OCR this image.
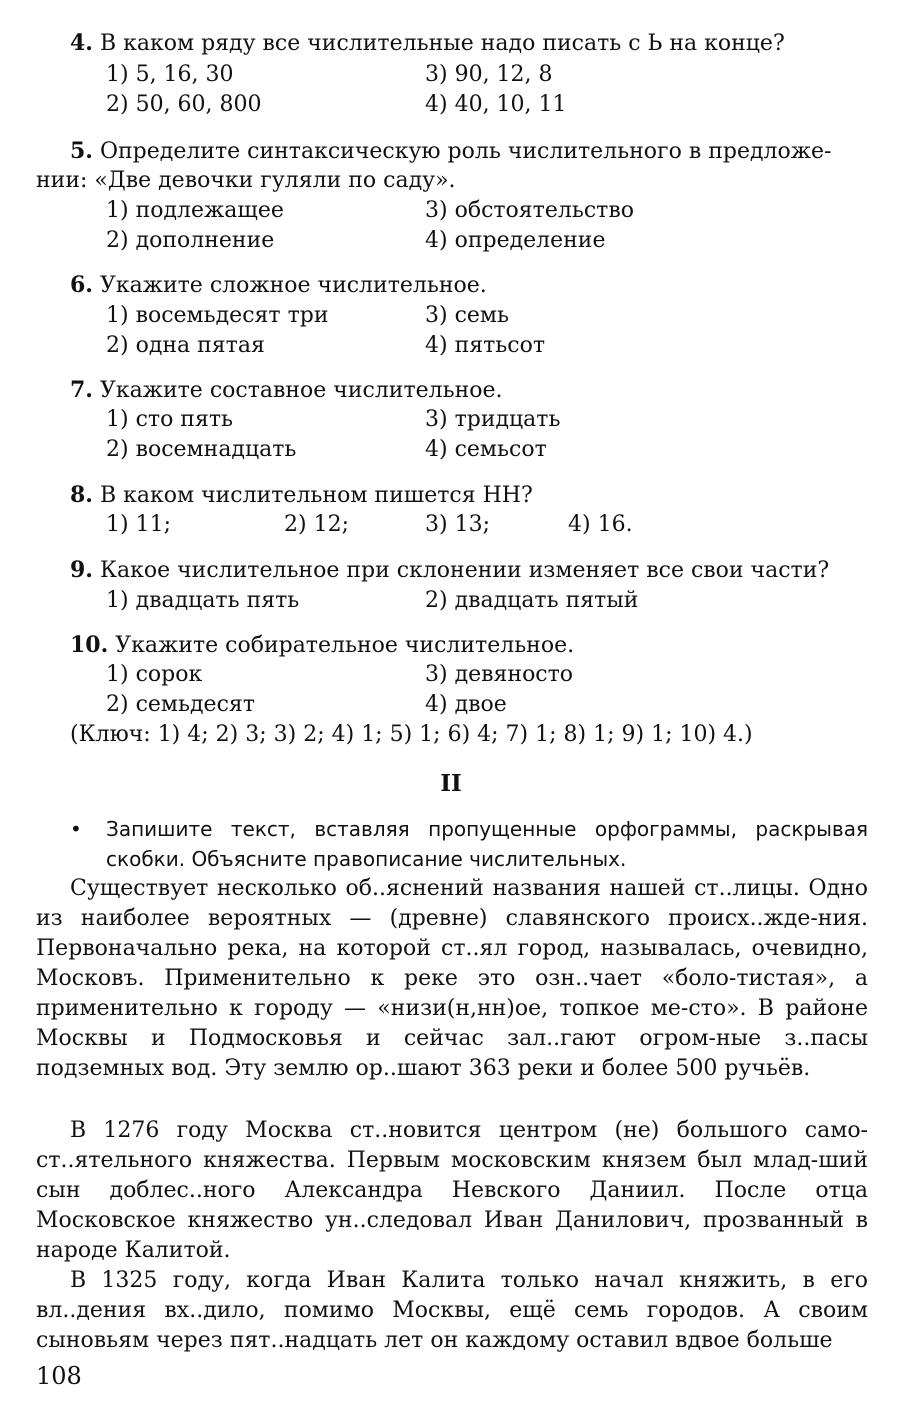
4. В каком ряду все числительные надо писать с Ь на конце?
1) 5, 16, 30	3) 90, 12, 8
2) 50, 60, 800	4) 40, 10, 11
5. Определите синтаксическую роль числительного в предложе-
нии: «Две девочки гуляли по саду».
1) подлежащее	3) обстоятельство
2) дополнение	4) определение
6. Укажите сложное числительное.
1) восемьдесят три	3) семь
2) одна пятая	4) пятьсот
7. Укажите составное числительное.
1) сто пять	3) тридцать
2) восемнадцать	4) семьсот
8. В каком числительном пишется НН?
1) 11;	2) 12;	3) 13;	4) 16.
9. Какое числительное при склонении изменяет все свои части?
1) двадцать пять	2) двадцать пятый
10. Укажите собирательное числительное.
1) сорок	3) девяносто
2) семьдесят	4) двое
(Ключ: 1) 4; 2) 3; 3) 2; 4) 1; 5) 1; 6) 4; 7) 1; 8) 1; 9) 1; 10) 4.)
II
• Запишите текст, вставляя пропущенные орфограммы, раскрывая скобки. Объясните правописание числительных.
Существует несколько об..яснений названия нашей ст..лицы. Одно из наиболее вероятных — (древне) славянского происх..жде-ния. Первоначально река, на которой ст..ял город, называлась, очевидно, Московъ. Применительно к реке это озн..чает «боло-тистая», а применительно к городу — «низи(н,нн)ое, топкое ме-сто». В районе Москвы и Подмосковья и сейчас зал..гают огром-ные з..пасы подземных вод. Эту землю ор..шают 363 реки и более 500 ручьёв.
В 1276 году Москва ст..новится центром (не) большого само-ст..ятельного княжества. Первым московским князем был млад-ший сын доблес..ного Александра Невского Даниил. После отца Московское княжество ун..следовал Иван Данилович, прозванный в народе Калитой.
В 1325 году, когда Иван Калита только начал княжить, в его вл..дения вх..дило, помимо Москвы, ещё семь городов. А своим сыновьям через пят..надцать лет он каждому оставил вдвое больше
108
